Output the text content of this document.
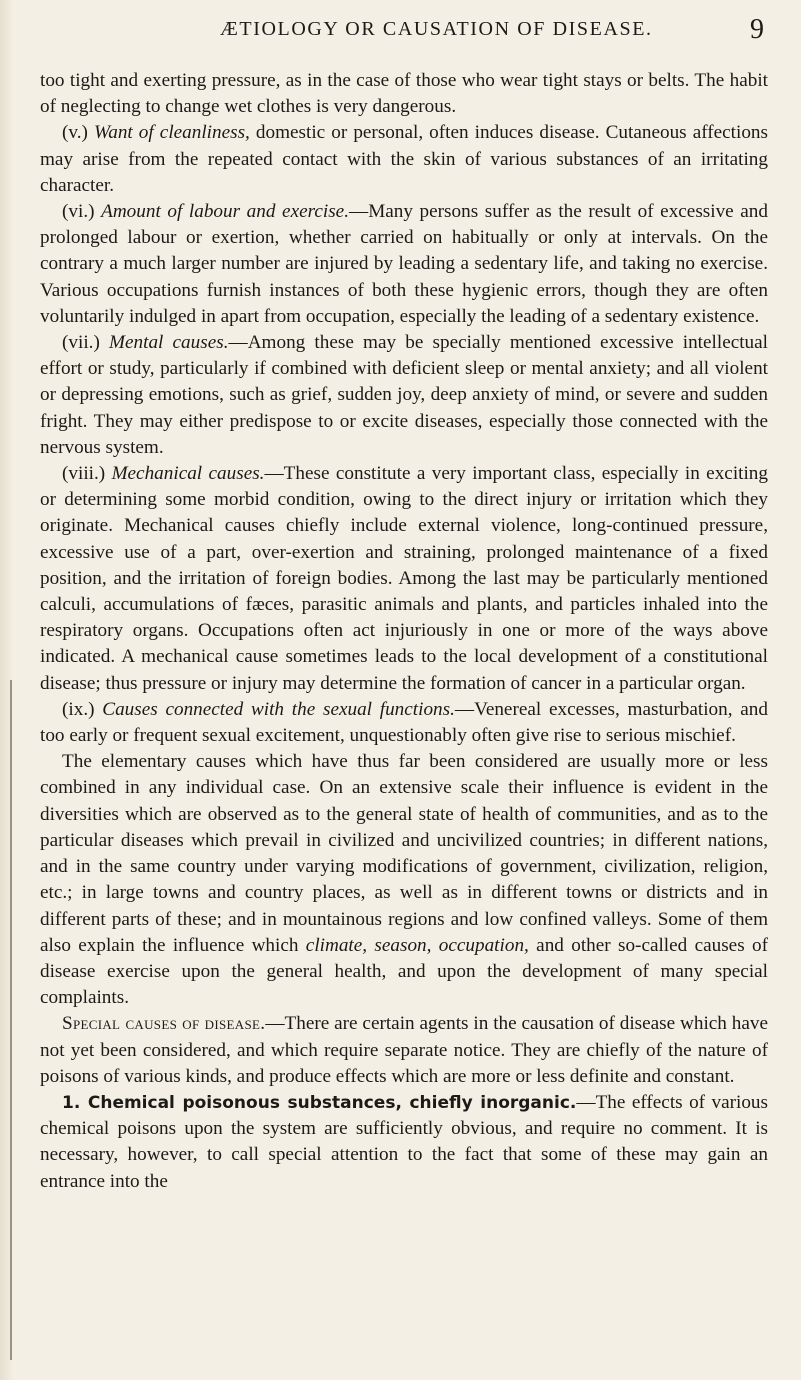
ÆTIOLOGY OR CAUSATION OF DISEASE.	9

too tight and exerting pressure, as in the case of those who wear tight stays or belts. The habit of neglecting to change wet clothes is very dangerous.

(v.) Want of cleanliness, domestic or personal, often induces disease. Cutaneous affections may arise from the repeated contact with the skin of various substances of an irritating character.

(vi.) Amount of labour and exercise.—Many persons suffer as the result of excessive and prolonged labour or exertion, whether carried on habitually or only at intervals. On the contrary a much larger number are injured by leading a sedentary life, and taking no exercise. Various occupations furnish instances of both these hygienic errors, though they are often voluntarily indulged in apart from occupation, especially the leading of a sedentary existence.

(vii.) Mental causes.—Among these may be specially mentioned excessive intellectual effort or study, particularly if combined with deficient sleep or mental anxiety; and all violent or depressing emotions, such as grief, sudden joy, deep anxiety of mind, or severe and sudden fright. They may either predispose to or excite diseases, especially those connected with the nervous system.

(viii.) Mechanical causes.—These constitute a very important class, especially in exciting or determining some morbid condition, owing to the direct injury or irritation which they originate. Mechanical causes chiefly include external violence, long-continued pressure, excessive use of a part, over-exertion and straining, prolonged maintenance of a fixed position, and the irritation of foreign bodies. Among the last may be particularly mentioned calculi, accumulations of fæces, parasitic animals and plants, and particles inhaled into the respiratory organs. Occupations often act injuriously in one or more of the ways above indicated. A mechanical cause sometimes leads to the local development of a constitutional disease; thus pressure or injury may determine the formation of cancer in a particular organ.

(ix.) Causes connected with the sexual functions.—Venereal excesses, masturbation, and too early or frequent sexual excitement, unquestionably often give rise to serious mischief.

The elementary causes which have thus far been considered are usually more or less combined in any individual case. On an extensive scale their influence is evident in the diversities which are observed as to the general state of health of communities, and as to the particular diseases which prevail in civilized and uncivilized countries; in different nations, and in the same country under varying modifications of government, civilization, religion, etc.; in large towns and country places, as well as in different towns or districts and in different parts of these; and in mountainous regions and low confined valleys. Some of them also explain the influence which climate, season, occupation, and other so-called causes of disease exercise upon the general health, and upon the development of many special complaints.

Special causes of disease.—There are certain agents in the causation of disease which have not yet been considered, and which require separate notice. They are chiefly of the nature of poisons of various kinds, and produce effects which are more or less definite and constant.

1. Chemical poisonous substances, chiefly inorganic.—The effects of various chemical poisons upon the system are sufficiently obvious, and require no comment. It is necessary, however, to call special attention to the fact that some of these may gain an entrance into the
